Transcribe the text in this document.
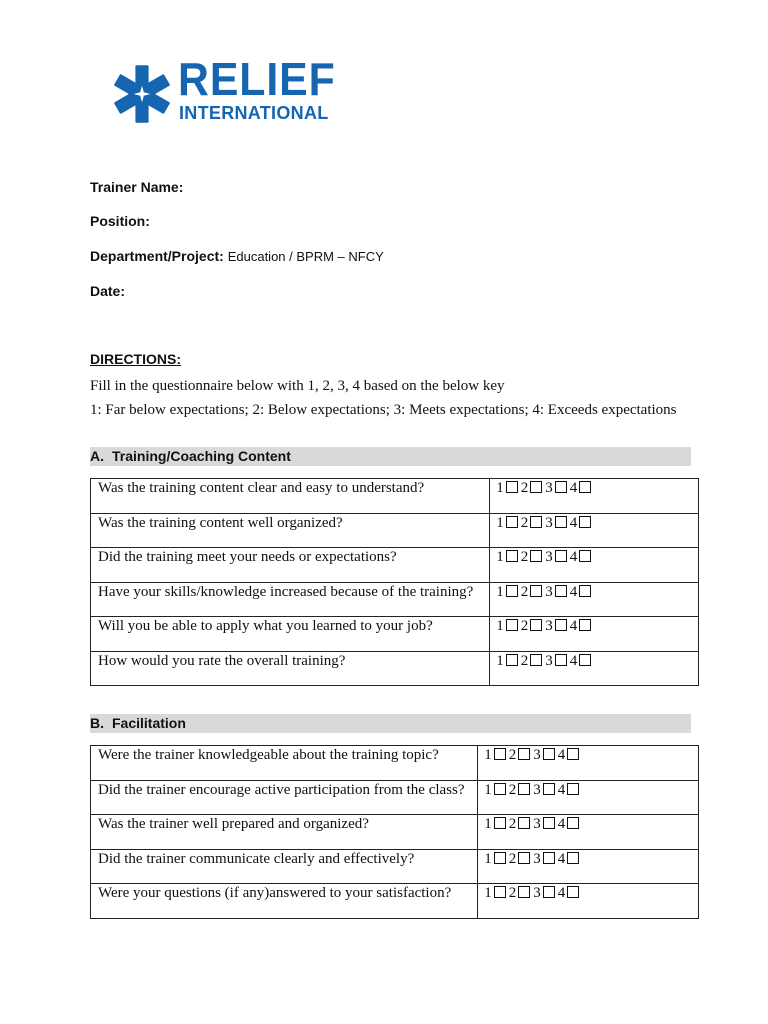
RELIEF
INTERNATIONAL
Trainer Name:
Position:
Department/Project: Education / BPRM – NFCY
Date:
DIRECTIONS:
Fill in the questionnaire below with 1, 2, 3, 4 based on the below key
1: Far below expectations; 2: Below expectations; 3: Meets expectations; 4: Exceeds expectations
A. Training/Coaching Content
Was the training content clear and easy to understand?	1 2 3 4
Was the training content well organized?	1 2 3 4
Did the training meet your needs or expectations?	1 2 3 4
Have your skills/knowledge increased because of the training?	1 2 3 4
Will you be able to apply what you learned to your job?	1 2 3 4
How would you rate the overall training?	1 2 3 4
B. Facilitation
Were the trainer knowledgeable about the training topic?	1 2 3 4
Did the trainer encourage active participation from the class?	1 2 3 4
Was the trainer well prepared and organized?	1 2 3 4
Did the trainer communicate clearly and effectively?	1 2 3 4
Were your questions (if any)answered to your satisfaction?	1 2 3 4
